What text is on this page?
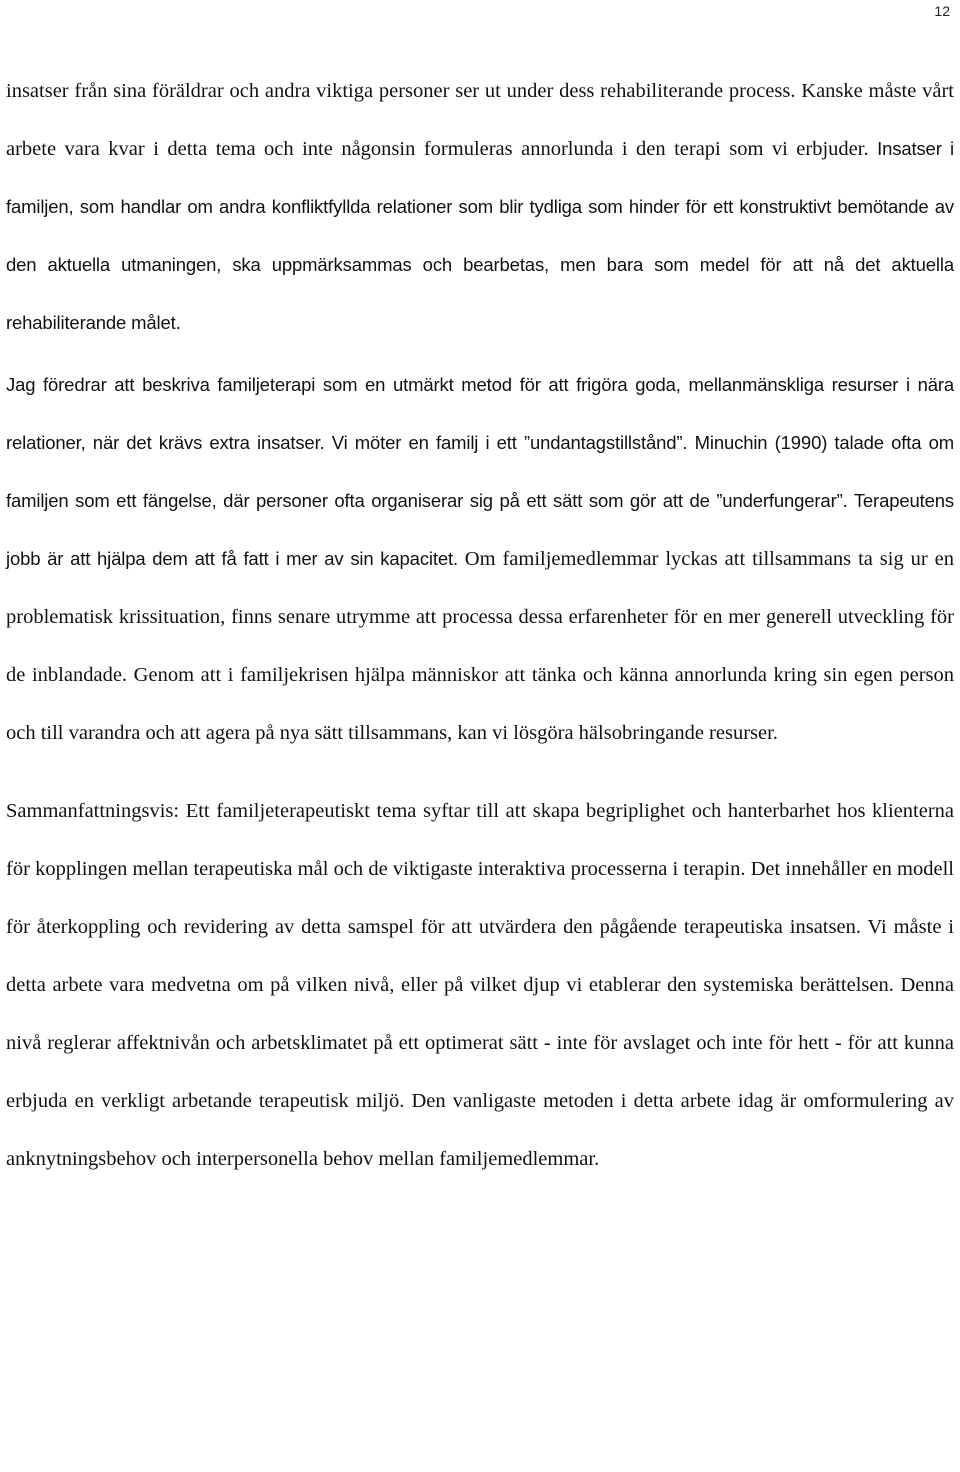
12

insatser från sina föräldrar och andra viktiga personer ser ut under dess rehabiliterande process. Kanske måste vårt arbete vara kvar i detta tema och inte någonsin formuleras annorlunda i den terapi som vi erbjuder. Insatser i familjen, som handlar om andra konfliktfyllda relationer som blir tydliga som hinder för ett konstruktivt bemötande av den aktuella utmaningen, ska uppmärksammas och bearbetas, men bara som medel för att nå det aktuella rehabiliterande målet.

Jag föredrar att beskriva familjeterapi som en utmärkt metod för att frigöra goda, mellanmänskliga resurser i nära relationer, när det krävs extra insatser. Vi möter en familj i ett ”undantagstillstånd”. Minuchin (1990) talade ofta om familjen som ett fängelse, där personer ofta organiserar sig på ett sätt som gör att de ”underfungerar”. Terapeutens jobb är att hjälpa dem att få fatt i mer av sin kapacitet. Om familjemedlemmar lyckas att tillsammans ta sig ur en problematisk krissituation, finns senare utrymme att processa dessa erfarenheter för en mer generell utveckling för de inblandade. Genom att i familjekrisen hjälpa människor att tänka och känna annorlunda kring sin egen person och till varandra och att agera på nya sätt tillsammans, kan vi lösgöra hälsobringande resurser.

Sammanfattningsvis: Ett familjeterapeutiskt tema syftar till att skapa begriplighet och hanterbarhet hos klienterna för kopplingen mellan terapeutiska mål och de viktigaste interaktiva processerna i terapin. Det innehåller en modell för återkoppling och revidering av detta samspel för att utvärdera den pågående terapeutiska insatsen. Vi måste i detta arbete vara medvetna om på vilken nivå, eller på vilket djup vi etablerar den systemiska berättelsen. Denna nivå reglerar affektnivån och arbetsklimatet på ett optimerat sätt - inte för avslaget och inte för hett - för att kunna erbjuda en verkligt arbetande terapeutisk miljö. Den vanligaste metoden i detta arbete idag är omformulering av anknytningsbehov och interpersonella behov mellan familjemedlemmar.
